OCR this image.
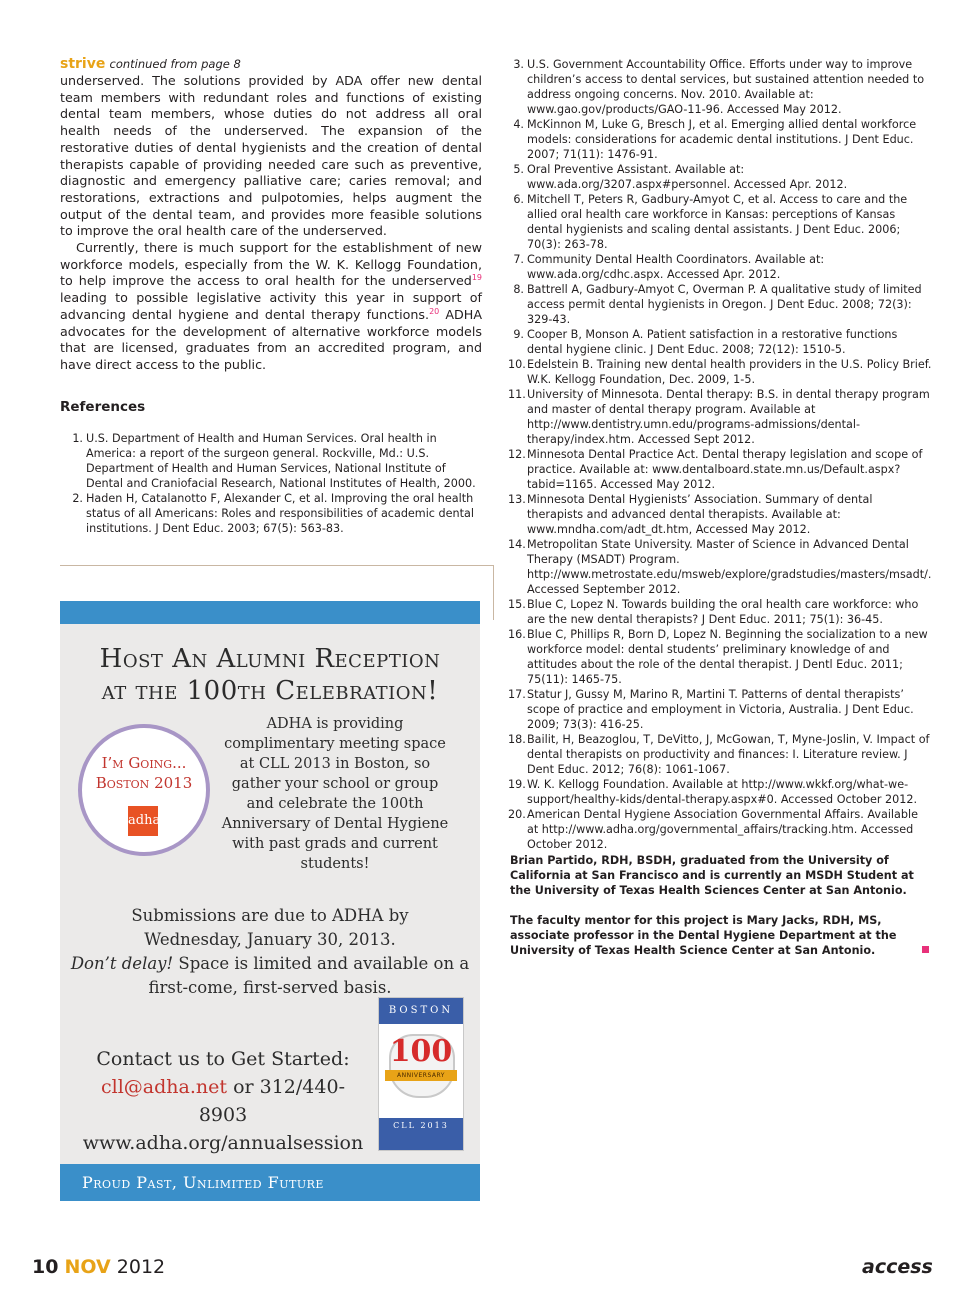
strive continued from page 8

underserved. The solutions provided by ADA offer new dental team members with redundant roles and functions of existing dental team members, whose duties do not address all oral health needs of the underserved. The expansion of the restorative duties of dental hygienists and the creation of dental therapists capable of providing needed care such as preventive, diagnostic and emergency palliative care; caries removal; and restorations, extractions and pulpotomies, helps augment the output of the dental team, and provides more feasible solutions to improve the oral health care of the underserved.

Currently, there is much support for the establishment of new workforce models, especially from the W. K. Kellogg Foundation, to help improve the access to oral health for the underserved$^{19}$ leading to possible legislative activity this year in support of advancing dental hygiene and dental therapy functions.$^{20}$ ADHA advocates for the development of alternative workforce models that are licensed, graduates from an accredited program, and have direct access to the public.

References
1. U.S. Department of Health and Human Services. Oral health in America: a report of the surgeon general. Rockville, Md.: U.S. Department of Health and Human Services, National Institute of Dental and Craniofacial Research, National Institutes of Health, 2000.
2. Haden H, Catalanotto F, Alexander C, et al. Improving the oral health status of all Americans: Roles and responsibilities of academic dental institutions. J Dent Educ. 2003; 67(5): 563-83.
3. U.S. Government Accountability Office. Efforts under way to improve children’s access to dental services, but sustained attention needed to address ongoing concerns. Nov. 2010. Available at: www.gao.gov/products/GAO-11-96. Accessed May 2012.
4. McKinnon M, Luke G, Bresch J, et al. Emerging allied dental workforce models: considerations for academic dental institutions. J Dent Educ. 2007; 71(11): 1476-91.
5. Oral Preventive Assistant. Available at: www.ada.org/3207.aspx#personnel. Accessed Apr. 2012.
6. Mitchell T, Peters R, Gadbury-Amyot C, et al. Access to care and the allied oral health care workforce in Kansas: perceptions of Kansas dental hygienists and scaling dental assistants. J Dent Educ. 2006; 70(3): 263-78.
7. Community Dental Health Coordinators. Available at: www.ada.org/cdhc.aspx. Accessed Apr. 2012.
8. Battrell A, Gadbury-Amyot C, Overman P. A qualitative study of limited access permit dental hygienists in Oregon. J Dent Educ. 2008; 72(3): 329-43.
9. Cooper B, Monson A. Patient satisfaction in a restorative functions dental hygiene clinic. J Dent Educ. 2008; 72(12): 1510-5.
10. Edelstein B. Training new dental health providers in the U.S. Policy Brief. W.K. Kellogg Foundation, Dec. 2009, 1-5.
11. University of Minnesota. Dental therapy: B.S. in dental therapy program and master of dental therapy program. Available at http://www.dentistry.umn.edu/programs-admissions/dental-therapy/index.htm. Accessed Sept 2012.
12. Minnesota Dental Practice Act. Dental therapy legislation and scope of practice. Available at: www.dentalboard.state.mn.us/Default.aspx?tabid=1165. Accessed May 2012.
13. Minnesota Dental Hygienists’ Association. Summary of dental therapists and advanced dental therapists. Available at: www.mndha.com/adt_dt.htm, Accessed May 2012.
14. Metropolitan State University. Master of Science in Advanced Dental Therapy (MSADT) Program. http://www.metrostate.edu/msweb/explore/gradstudies/masters/msadt/. Accessed September 2012.
15. Blue C, Lopez N. Towards building the oral health care workforce: who are the new dental therapists? J Dent Educ. 2011; 75(1): 36-45.
16. Blue C, Phillips R, Born D, Lopez N. Beginning the socialization to a new workforce model: dental students’ preliminary knowledge of and attitudes about the role of the dental therapist. J Dentl Educ. 2011; 75(11): 1465-75.
17. Statur J, Gussy M, Marino R, Martini T. Patterns of dental therapists’ scope of practice and employment in Victoria, Australia. J Dent Educ. 2009; 73(3): 416-25.
18. Bailit, H, Beazoglou, T, DeVitto, J, McGowan, T, Myne-Joslin, V. Impact of dental therapists on productivity and finances: I. Literature review. J Dent Educ. 2012; 76(8): 1061-1067.
19. W. K. Kellogg Foundation. Available at http://www.wkkf.org/what-we-support/healthy-kids/dental-therapy.aspx#0. Accessed October 2012.
20. American Dental Hygiene Association Governmental Affairs. Available at http://www.adha.org/governmental_affairs/tracking.htm. Accessed October 2012.
Host An Alumni Reception
at the 100th Celebration!
I’m Going...
Boston 2013
adha
ADHA is providing complimentary meeting space at CLL 2013 in Boston, so gather your school or group and celebrate the 100th Anniversary of Dental Hygiene with past grads and current students!
Submissions are due to ADHA by
Wednesday, January 30, 2013.
Don’t delay! Space is limited and available on a
first-come, first-served basis.
Contact us to Get Started:
cll@adha.net or 312/440-8903
www.adha.org/annualsession
BOSTON
100
ANNIVERSARY
CLL 2013
Proud Past, Unlimited Future

Brian Partido, RDH, BSDH, graduated from the University of California at San Francisco and is currently an MSDH Student at the University of Texas Health Sciences Center at San Antonio.

The faculty mentor for this project is Mary Jacks, RDH, MS, associate professor in the Dental Hygiene Department at the University of Texas Health Science Center at San Antonio.

10 NOV 2012	access
